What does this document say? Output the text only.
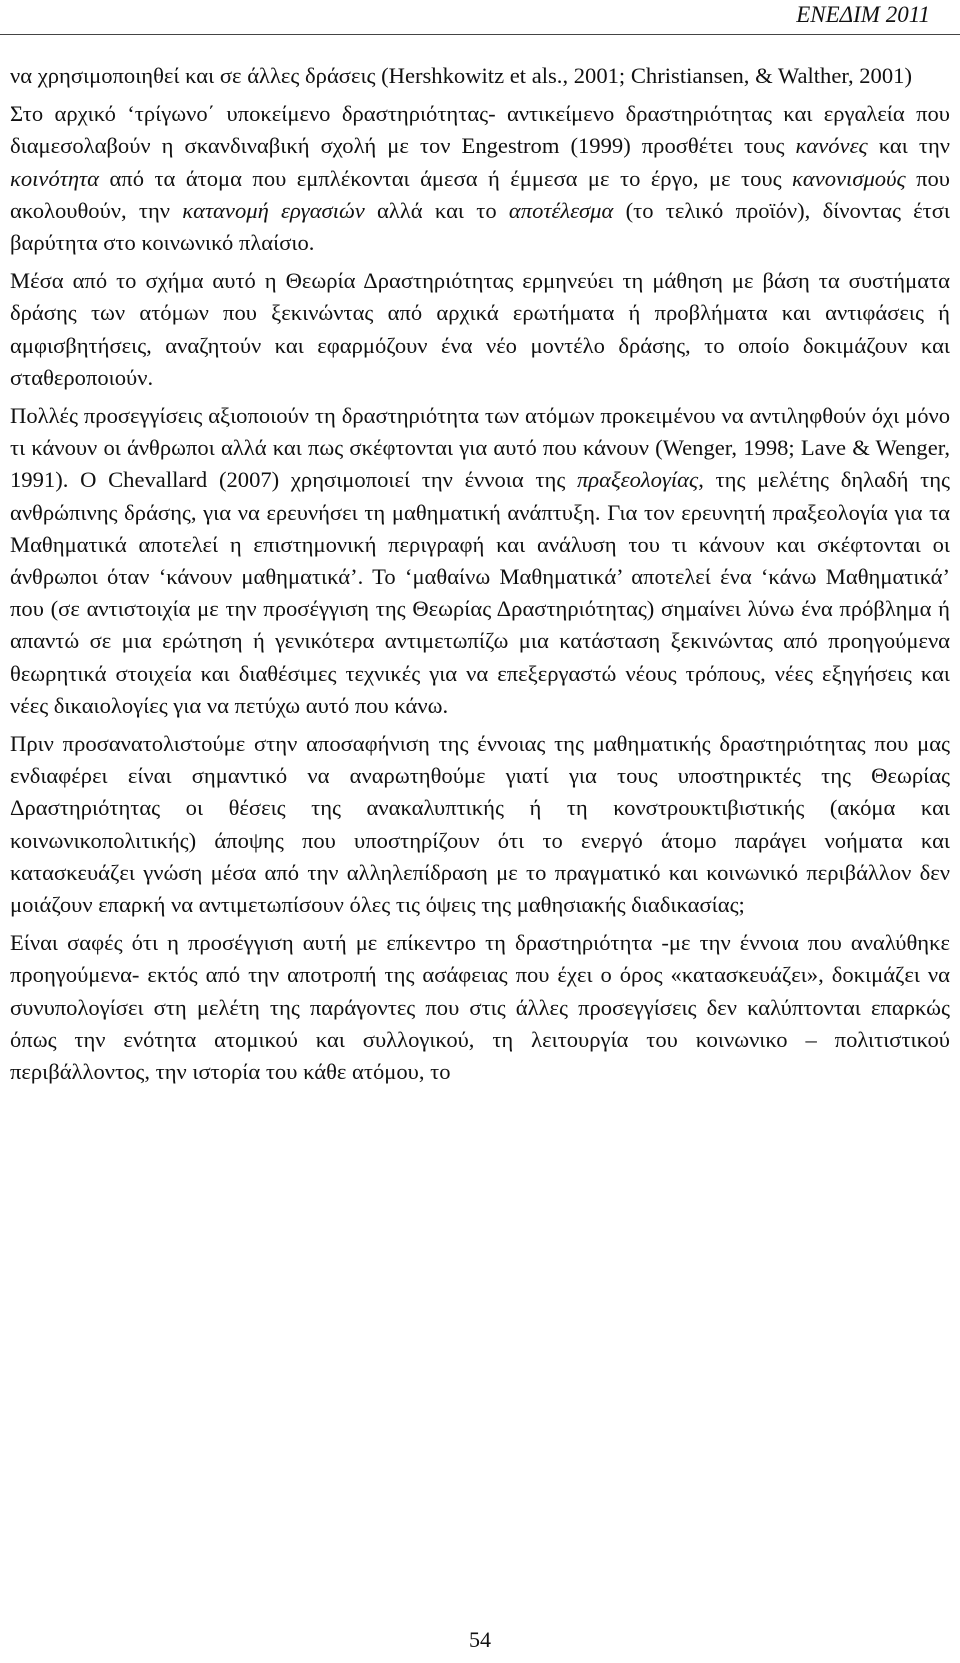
ΕΝΕΔΙΜ 2011

να χρησιμοποιηθεί και σε άλλες δράσεις (Hershkowitz et als., 2001; Christiansen, & Walther, 2001)

Στο αρχικό ‘τρίγωνο΄ υποκείμενο δραστηριότητας- αντικείμενο δραστηριότητας και εργαλεία που διαμεσολαβούν η σκανδιναβική σχολή με τον Engestrom (1999) προσθέτει τους κανόνες και την κοινότητα από τα άτομα που εμπλέκονται άμεσα ή έμμεσα με το έργο, με τους κανονισμούς που ακολουθούν, την κατανομή εργασιών αλλά και το αποτέλεσμα (το τελικό προϊόν), δίνοντας έτσι βαρύτητα στο κοινωνικό πλαίσιο.

Μέσα από το σχήμα αυτό η Θεωρία Δραστηριότητας ερμηνεύει τη μάθηση με βάση τα συστήματα δράσης των ατόμων που ξεκινώντας από αρχικά ερωτήματα ή προβλήματα και αντιφάσεις ή αμφισβητήσεις, αναζητούν και εφαρμόζουν ένα νέο μοντέλο δράσης, το οποίο δοκιμάζουν και σταθεροποιούν.

Πολλές προσεγγίσεις αξιοποιούν τη δραστηριότητα των ατόμων προκειμένου να αντιληφθούν όχι μόνο τι κάνουν οι άνθρωποι αλλά και πως σκέφτονται για αυτό που κάνουν (Wenger, 1998; Lave & Wenger, 1991). Ο Chevallard (2007) χρησιμοποιεί την έννοια της πραξεολογίας, της μελέτης δηλαδή της ανθρώπινης δράσης, για να ερευνήσει τη μαθηματική ανάπτυξη. Για τον ερευνητή πραξεολογία για τα Μαθηματικά αποτελεί η επιστημονική περιγραφή και ανάλυση του τι κάνουν και σκέφτονται οι άνθρωποι όταν ‘κάνουν μαθηματικά’. Το ‘μαθαίνω Μαθηματικά’ αποτελεί ένα ‘κάνω Μαθηματικά’ που (σε αντιστοιχία με την προσέγγιση της Θεωρίας Δραστηριότητας) σημαίνει λύνω ένα πρόβλημα ή απαντώ σε μια ερώτηση ή γενικότερα αντιμετωπίζω μια κατάσταση ξεκινώντας από προηγούμενα θεωρητικά στοιχεία και διαθέσιμες τεχνικές για να επεξεργαστώ νέους τρόπους, νέες εξηγήσεις και νέες δικαιολογίες για να πετύχω αυτό που κάνω.

Πριν προσανατολιστούμε στην αποσαφήνιση της έννοιας της μαθηματικής δραστηριότητας που μας ενδιαφέρει είναι σημαντικό να αναρωτηθούμε γιατί για τους υποστηρικτές της Θεωρίας Δραστηριότητας οι θέσεις της ανακαλυπτικής ή τη κονστρουκτιβιστικής (ακόμα και κοινωνικοπολιτικής) άποψης που υποστηρίζουν ότι το ενεργό άτομο παράγει νοήματα και κατασκευάζει γνώση μέσα από την αλληλεπίδραση με το πραγματικό και κοινωνικό περιβάλλον δεν μοιάζουν επαρκή να αντιμετωπίσουν όλες τις όψεις της μαθησιακής διαδικασίας;

Είναι σαφές ότι η προσέγγιση αυτή με επίκεντρο τη δραστηριότητα -με την έννοια που αναλύθηκε προηγούμενα- εκτός από την αποτροπή της ασάφειας που έχει ο όρος «κατασκευάζει», δοκιμάζει να συνυπολογίσει στη μελέτη της παράγοντες που στις άλλες προσεγγίσεις δεν καλύπτονται επαρκώς όπως την ενότητα ατομικού και συλλογικού, τη λειτουργία του κοινωνικο – πολιτιστικού περιβάλλοντος, την ιστορία του κάθε ατόμου, το

54
